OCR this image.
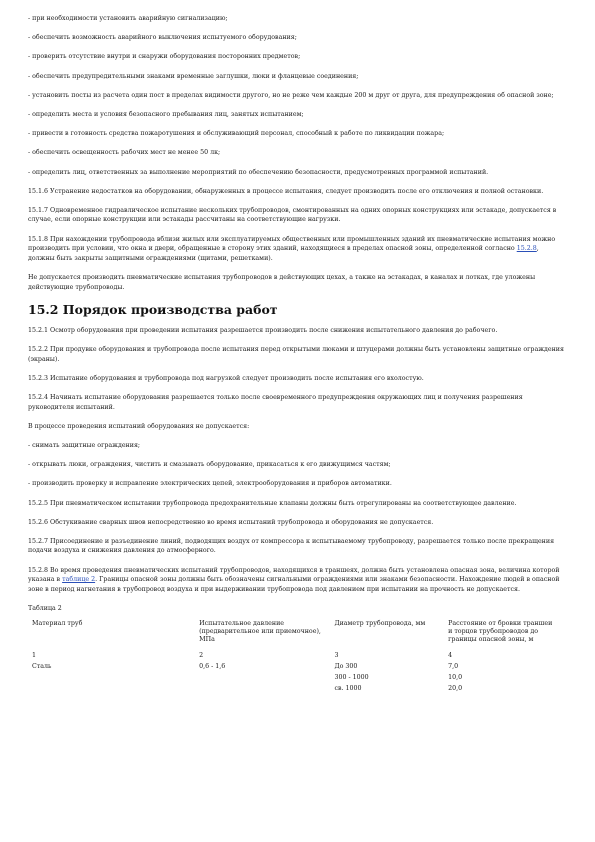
- при необходимости установить аварийную сигнализацию;

- обеспечить возможность аварийного выключения испытуемого оборудования;

- проверить отсутствие внутри и снаружи оборудования посторонних предметов;

- обеспечить предупредительными знаками временные заглушки, люки и фланцевые соединения;

- установить посты из расчета один пост в пределах видимости другого, но не реже чем каждые 200 м друг от друга, для предупреждения об опасной зоне;

- определить места и условия безопасного пребывания лиц, занятых испытанием;

- привести в готовность средства пожаротушения и обслуживающий персонал, способный к работе по ликвидации пожара;

- обеспечить освещенность рабочих мест не менее 50 лк;

- определить лиц, ответственных за выполнение мероприятий по обеспечению безопасности, предусмотренных программой испытаний.

15.1.6 Устранение недостатков на оборудовании, обнаруженных в процессе испытания, следует производить после его отключения и полной остановки.

15.1.7 Одновременное гидравлическое испытание нескольких трубопроводов, смонтированных на одних опорных конструкциях или эстакаде, допускается в случае, если опорные конструкции или эстакады рассчитаны на соответствующие нагрузки.

15.1.8 При нахождении трубопровода вблизи жилых или эксплуатируемых общественных или промышленных зданий их пневматические испытания можно производить при условии, что окна и двери, обращенные в сторону этих зданий, находящиеся в пределах опасной зоны, определенной согласно 15.2.8, должны быть закрыты защитными ограждениями (щитами, решетками).

Не допускается производить пневматические испытания трубопроводов в действующих цехах, а также на эстакадах, в каналах и лотках, где уложены действующие трубопроводы.

15.2 Порядок производства работ

15.2.1 Осмотр оборудования при проведении испытания разрешается производить после снижения испытательного давления до рабочего.

15.2.2 При продувке оборудования и трубопровода после испытания перед открытыми люками и штуцерами должны быть установлены защитные ограждения (экраны).

15.2.3 Испытание оборудования и трубопровода под нагрузкой следует производить после испытания его вхолостую.

15.2.4 Начинать испытание оборудования разрешается только после своевременного предупреждения окружающих лиц и получения разрешения руководителя испытаний.

В процессе проведения испытаний оборудования не допускается:

- снимать защитные ограждения;

- открывать люки, ограждения, чистить и смазывать оборудование, прикасаться к его движущимся частям;

- производить проверку и исправление электрических цепей, электрооборудования и приборов автоматики.

15.2.5 При пневматическом испытании трубопровода предохранительные клапаны должны быть отрегулированы на соответствующее давление.

15.2.6 Обстукивание сварных швов непосредственно во время испытаний трубопровода и оборудования не допускается.

15.2.7 Присоединение и разъединение линий, подводящих воздух от компрессора к испытываемому трубопроводу, разрешается только после прекращения подачи воздуха и снижения давления до атмосферного.

15.2.8 Во время проведения пневматических испытаний трубопроводов, находящихся в траншеях, должна быть установлена опасная зона, величина которой указана в таблице 2. Границы опасной зоны должны быть обозначены сигнальными ограждениями или знаками безопасности. Нахождение людей в опасной зоне в период нагнетания в трубопровод воздуха и при выдерживании трубопровода под давлением при испытании на прочность не допускается.

Таблица 2

Материал труб	Испытательное давление (предварительное или приемочное), МПа	Диаметр трубопровода, мм	Расстояние от бровки траншеи и торцов трубопроводов до границы опасной зоны, м
1	2	3	4
Сталь	0,6 - 1,6	До 300	7,0
		300 - 1000	10,0
		св. 1000	20,0
